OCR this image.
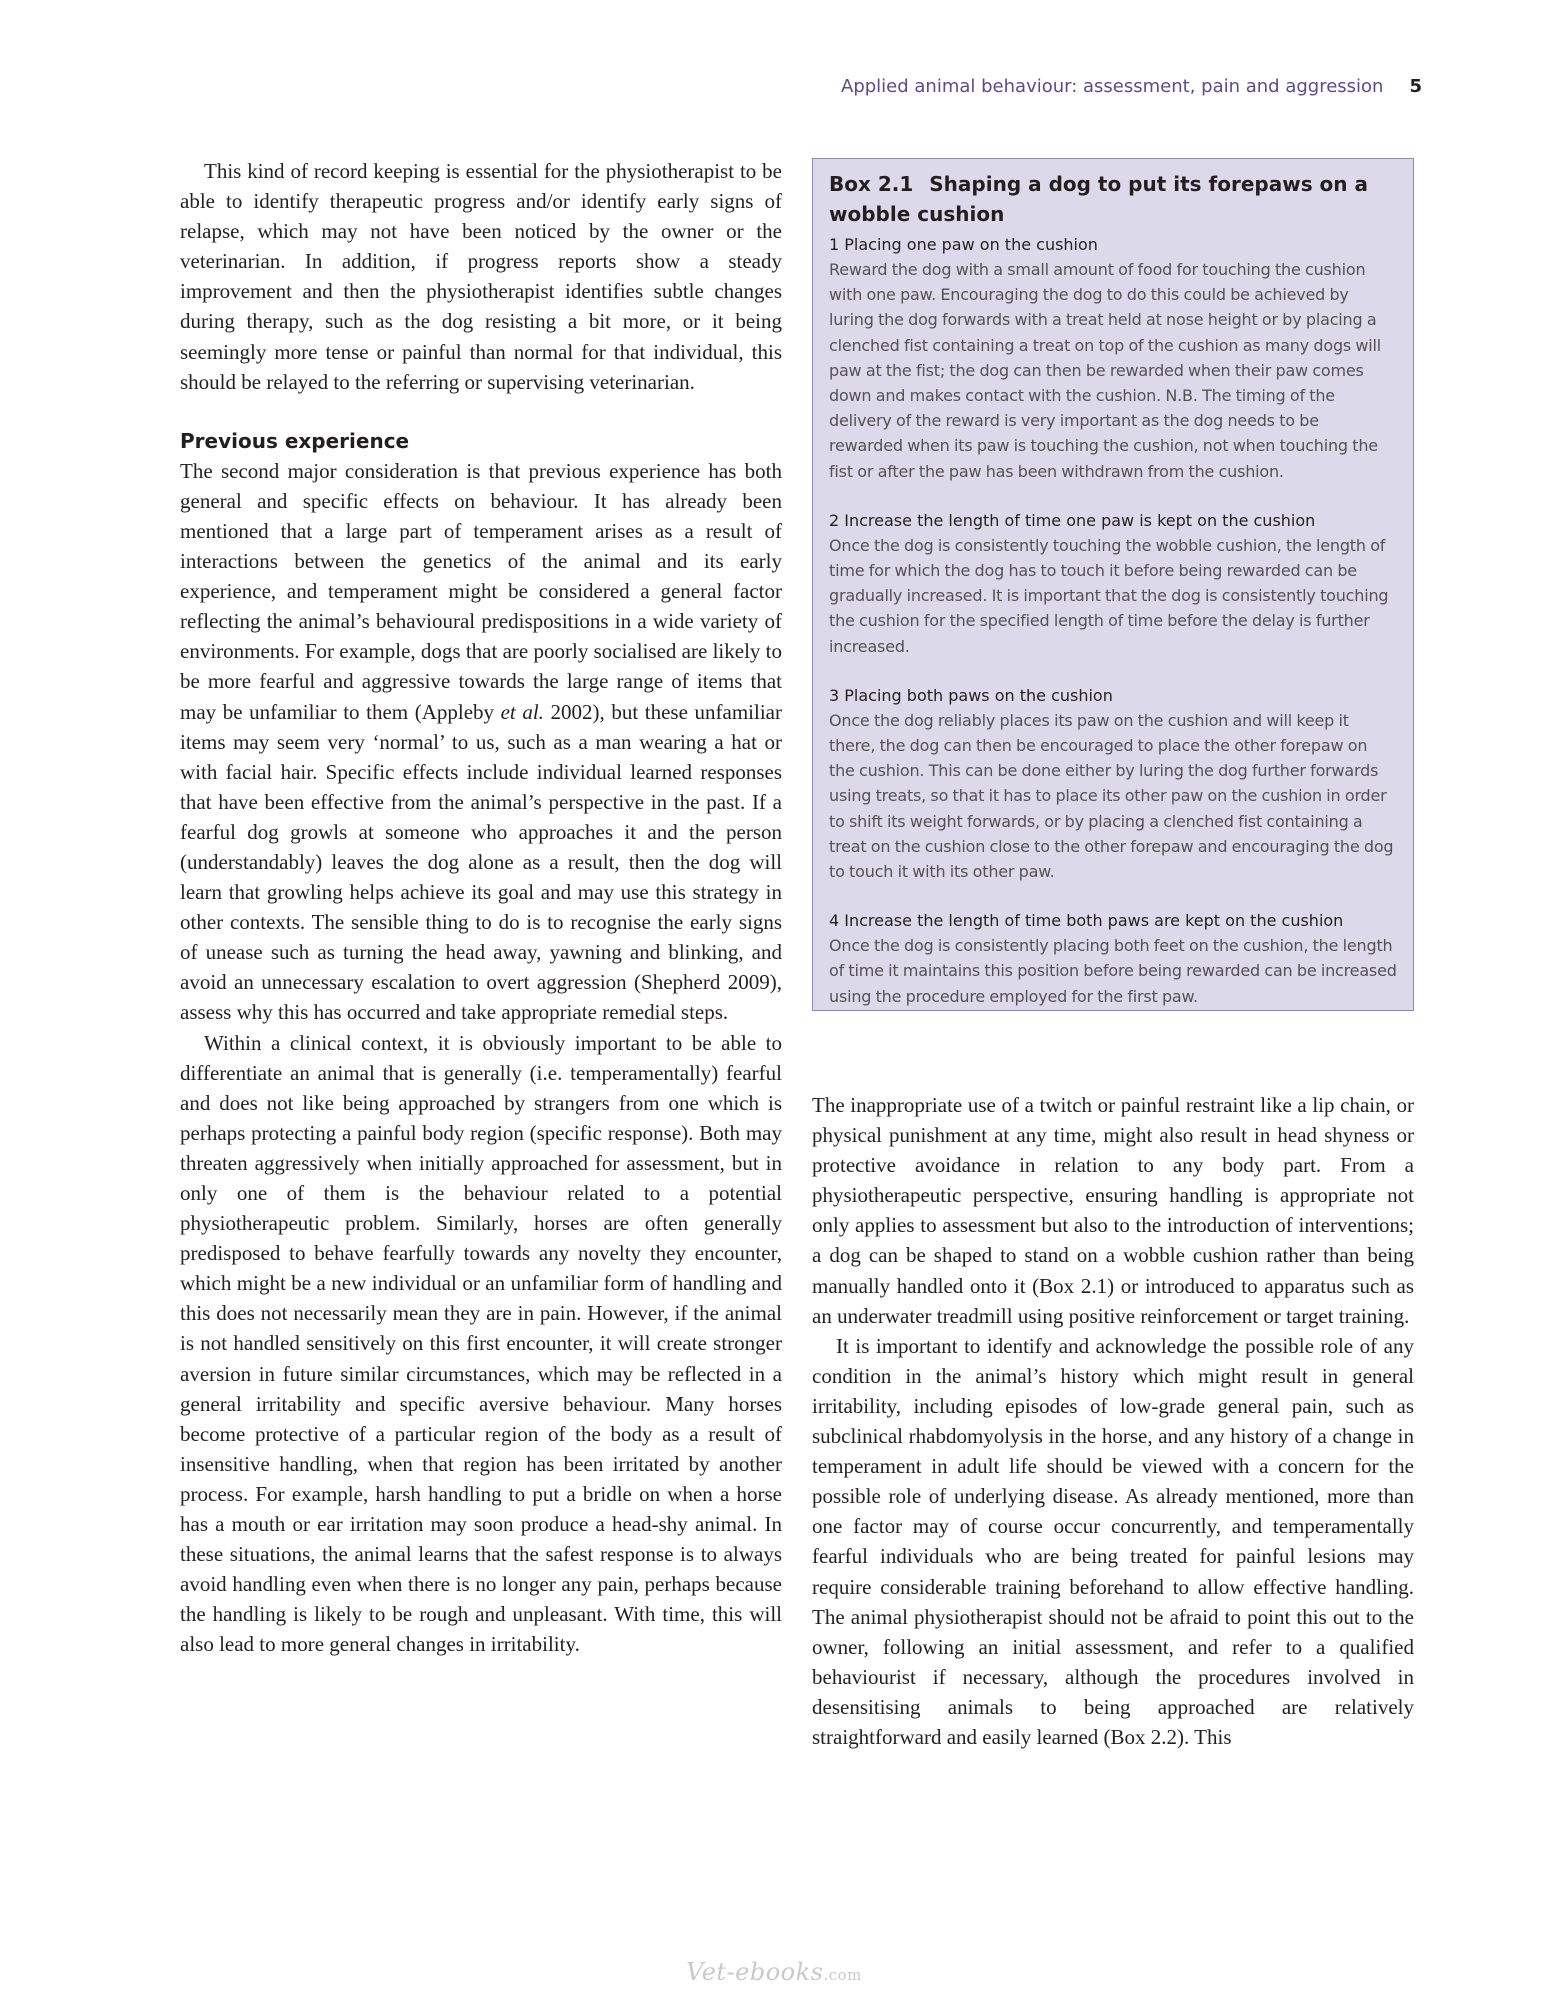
Applied animal behaviour: assessment, pain and aggression 5

This kind of record keeping is essential for the physiotherapist to be able to identify therapeutic progress and/or identify early signs of relapse, which may not have been noticed by the owner or the veterinarian. In addition, if progress reports show a steady improvement and then the physiotherapist identifies subtle changes during therapy, such as the dog resisting a bit more, or it being seemingly more tense or painful than normal for that individual, this should be relayed to the referring or supervising veterinarian.

Previous experience

The second major consideration is that previous experience has both general and specific effects on behaviour. It has already been mentioned that a large part of temperament arises as a result of interactions between the genetics of the animal and its early experience, and temperament might be considered a general factor reflecting the animal’s behavioural predispositions in a wide variety of environments. For example, dogs that are poorly socialised are likely to be more fearful and aggressive towards the large range of items that may be unfamiliar to them (Appleby et al. 2002), but these unfamiliar items may seem very ‘normal’ to us, such as a man wearing a hat or with facial hair. Specific effects include individual learned responses that have been effective from the animal’s perspective in the past. If a fearful dog growls at someone who approaches it and the person (understandably) leaves the dog alone as a result, then the dog will learn that growling helps achieve its goal and may use this strategy in other contexts. The sensible thing to do is to recognise the early signs of unease such as turning the head away, yawning and blinking, and avoid an unnecessary escalation to overt aggression (Shepherd 2009), assess why this has occurred and take appropriate remedial steps.

Within a clinical context, it is obviously important to be able to differentiate an animal that is generally (i.e. temperamentally) fearful and does not like being approached by strangers from one which is perhaps protecting a painful body region (specific response). Both may threaten aggressively when initially approached for assessment, but in only one of them is the behaviour related to a potential physiotherapeutic problem. Similarly, horses are often generally predisposed to behave fearfully towards any novelty they encounter, which might be a new individual or an unfamiliar form of handling and this does not necessarily mean they are in pain. However, if the animal is not handled sensitively on this first encounter, it will create stronger aversion in future similar circumstances, which may be reflected in a general irritability and specific aversive behaviour. Many horses become protective of a particular region of the body as a result of insensitive handling, when that region has been irritated by another process. For example, harsh handling to put a bridle on when a horse has a mouth or ear irritation may soon produce a head-shy animal. In these situations, the animal learns that the safest response is to always avoid handling even when there is no longer any pain, perhaps because the handling is likely to be rough and unpleasant. With time, this will also lead to more general changes in irritability.

Box 2.1 Shaping a dog to put its forepaws on a wobble cushion
1 Placing one paw on the cushion
Reward the dog with a small amount of food for touching the cushion with one paw. Encouraging the dog to do this could be achieved by luring the dog forwards with a treat held at nose height or by placing a clenched fist containing a treat on top of the cushion as many dogs will paw at the fist; the dog can then be rewarded when their paw comes down and makes contact with the cushion. N.B. The timing of the delivery of the reward is very important as the dog needs to be rewarded when its paw is touching the cushion, not when touching the fist or after the paw has been withdrawn from the cushion.
2 Increase the length of time one paw is kept on the cushion
Once the dog is consistently touching the wobble cushion, the length of time for which the dog has to touch it before being rewarded can be gradually increased. It is important that the dog is consistently touching the cushion for the specified length of time before the delay is further increased.
3 Placing both paws on the cushion
Once the dog reliably places its paw on the cushion and will keep it there, the dog can then be encouraged to place the other forepaw on the cushion. This can be done either by luring the dog further forwards using treats, so that it has to place its other paw on the cushion in order to shift its weight forwards, or by placing a clenched fist containing a treat on the cushion close to the other forepaw and encouraging the dog to touch it with its other paw.
4 Increase the length of time both paws are kept on the cushion
Once the dog is consistently placing both feet on the cushion, the length of time it maintains this position before being rewarded can be increased using the procedure employed for the first paw.

The inappropriate use of a twitch or painful restraint like a lip chain, or physical punishment at any time, might also result in head shyness or protective avoidance in relation to any body part. From a physiotherapeutic perspective, ensuring handling is appropriate not only applies to assessment but also to the introduction of interventions; a dog can be shaped to stand on a wobble cushion rather than being manually handled onto it (Box 2.1) or introduced to apparatus such as an underwater treadmill using positive reinforcement or target training.

It is important to identify and acknowledge the possible role of any condition in the animal’s history which might result in general irritability, including episodes of low-grade general pain, such as subclinical rhabdomyolysis in the horse, and any history of a change in temperament in adult life should be viewed with a concern for the possible role of underlying disease. As already mentioned, more than one factor may of course occur concurrently, and temperamentally fearful individuals who are being treated for painful lesions may require considerable training beforehand to allow effective handling. The animal physiotherapist should not be afraid to point this out to the owner, following an initial assessment, and refer to a qualified behaviourist if necessary, although the procedures involved in desensitising animals to being approached are relatively straightforward and easily learned (Box 2.2). This

Vet-ebooks.com
